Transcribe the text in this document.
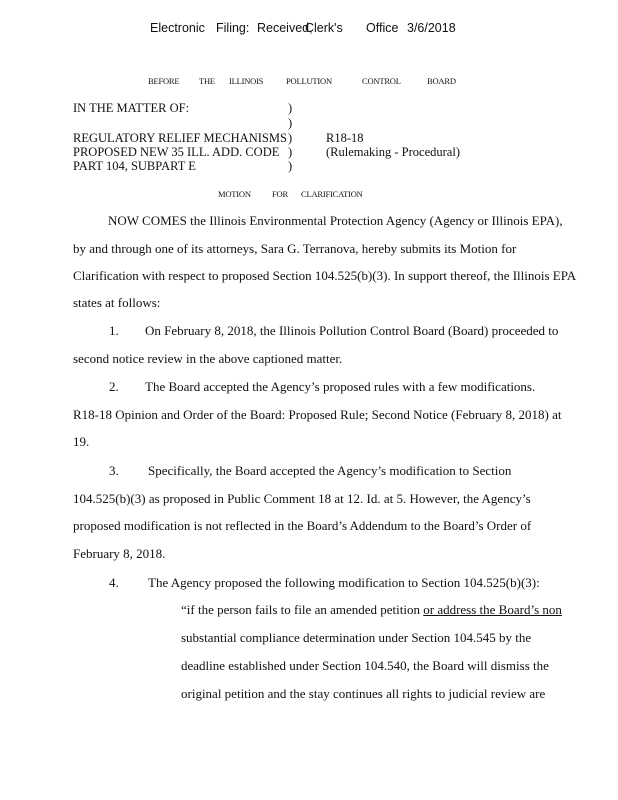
Electronic Filing: Received,
Clerk's Office 3/6/2018
BEFORE THE ILLINOIS	POLLUTION	CONTROL	BOARD
IN THE MATTER OF:	)
)
REGULATORY RELIEF MECHANISMS )	R18-18
PROPOSED NEW 35 ILL. ADD. CODE )	(Rulemaking - Procedural)
PART 104, SUBPART E	)
MOTION FOR CLARIFICATION
NOW COMES the Illinois Environmental Protection Agency (Agency or Illinois EPA),
by and through one of its attorneys, Sara G. Terranova, hereby submits its Motion for
Clarification with respect to proposed Section 104.525(b)(3). In support thereof, the Illinois EPA
states at follows:
1. On February 8, 2018, the Illinois Pollution Control Board (Board) proceeded to
second notice review in the above captioned matter.
2. The Board accepted the Agency’s proposed rules with a few modifications.
R18-18 Opinion and Order of the Board: Proposed Rule; Second Notice (February 8, 2018) at
19.
3. Specifically, the Board accepted the Agency’s modification to Section
104.525(b)(3) as proposed in Public Comment 18 at 12. Id. at 5. However, the Agency’s
proposed modification is not reflected in the Board’s Addendum to the Board’s Order of
February 8, 2018.
4. The Agency proposed the following modification to Section 104.525(b)(3):
“if the person fails to file an amended petition or address the Board’s non
substantial compliance determination under Section 104.545 by the
deadline established under Section 104.540, the Board will dismiss the
original petition and the stay continues all rights to judicial review are
